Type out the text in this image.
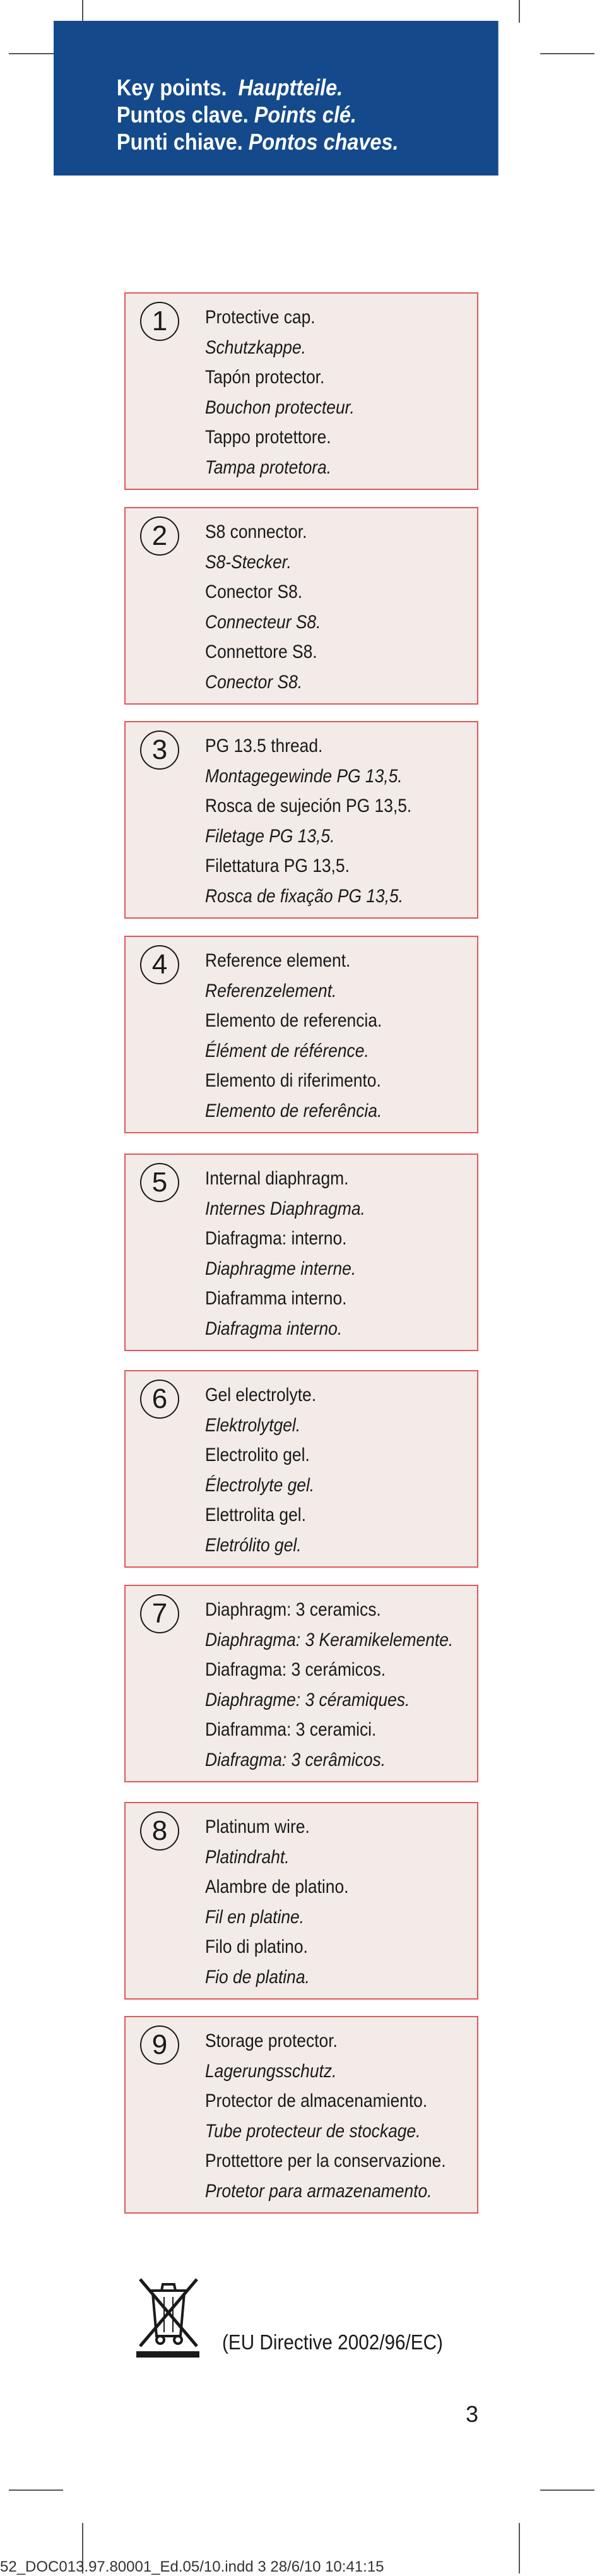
Key points. Hauptteile.
Puntos clave. Points clé.
Punti chiave. Pontos chaves.
1	Protective cap.
Schutzkappe.
Tapón protector.
Bouchon protecteur.
Tappo protettore.
Tampa protetora.
2	S8 connector.
S8-Stecker.
Conector S8.
Connecteur S8.
Connettore S8.
Conector S8.
3	PG 13.5 thread.
Montagegewinde PG 13,5.
Rosca de sujeción PG 13,5.
Filetage PG 13,5.
Filettatura PG 13,5.
Rosca de fixação PG 13,5.
4	Reference element.
Referenzelement.
Elemento de referencia.
Élément de référence.
Elemento di riferimento.
Elemento de referência.
5	Internal diaphragm.
Internes Diaphragma.
Diafragma: interno.
Diaphragme interne.
Diaframma interno.
Diafragma interno.
6	Gel electrolyte.
Elektrolytgel.
Electrolito gel.
Électrolyte gel.
Elettrolita gel.
Eletrólito gel.
7	Diaphragm: 3 ceramics.
Diaphragma: 3 Keramikelemente.
Diafragma: 3 cerámicos.
Diaphragme: 3 céramiques.
Diaframma: 3 ceramici.
Diafragma: 3 cerâmicos.
8	Platinum wire.
Platindraht.
Alambre de platino.
Fil en platine.
Filo di platino.
Fio de platina.
9	Storage protector.
Lagerungsschutz.
Protector de almacenamiento.
Tube protecteur de stockage.
Prottettore per la conservazione.
Protetor para armazenamento.
(EU Directive 2002/96/EC)
3
52_DOC013.97.80001_Ed.05/10.indd 3 28/6/10 10:41:15
